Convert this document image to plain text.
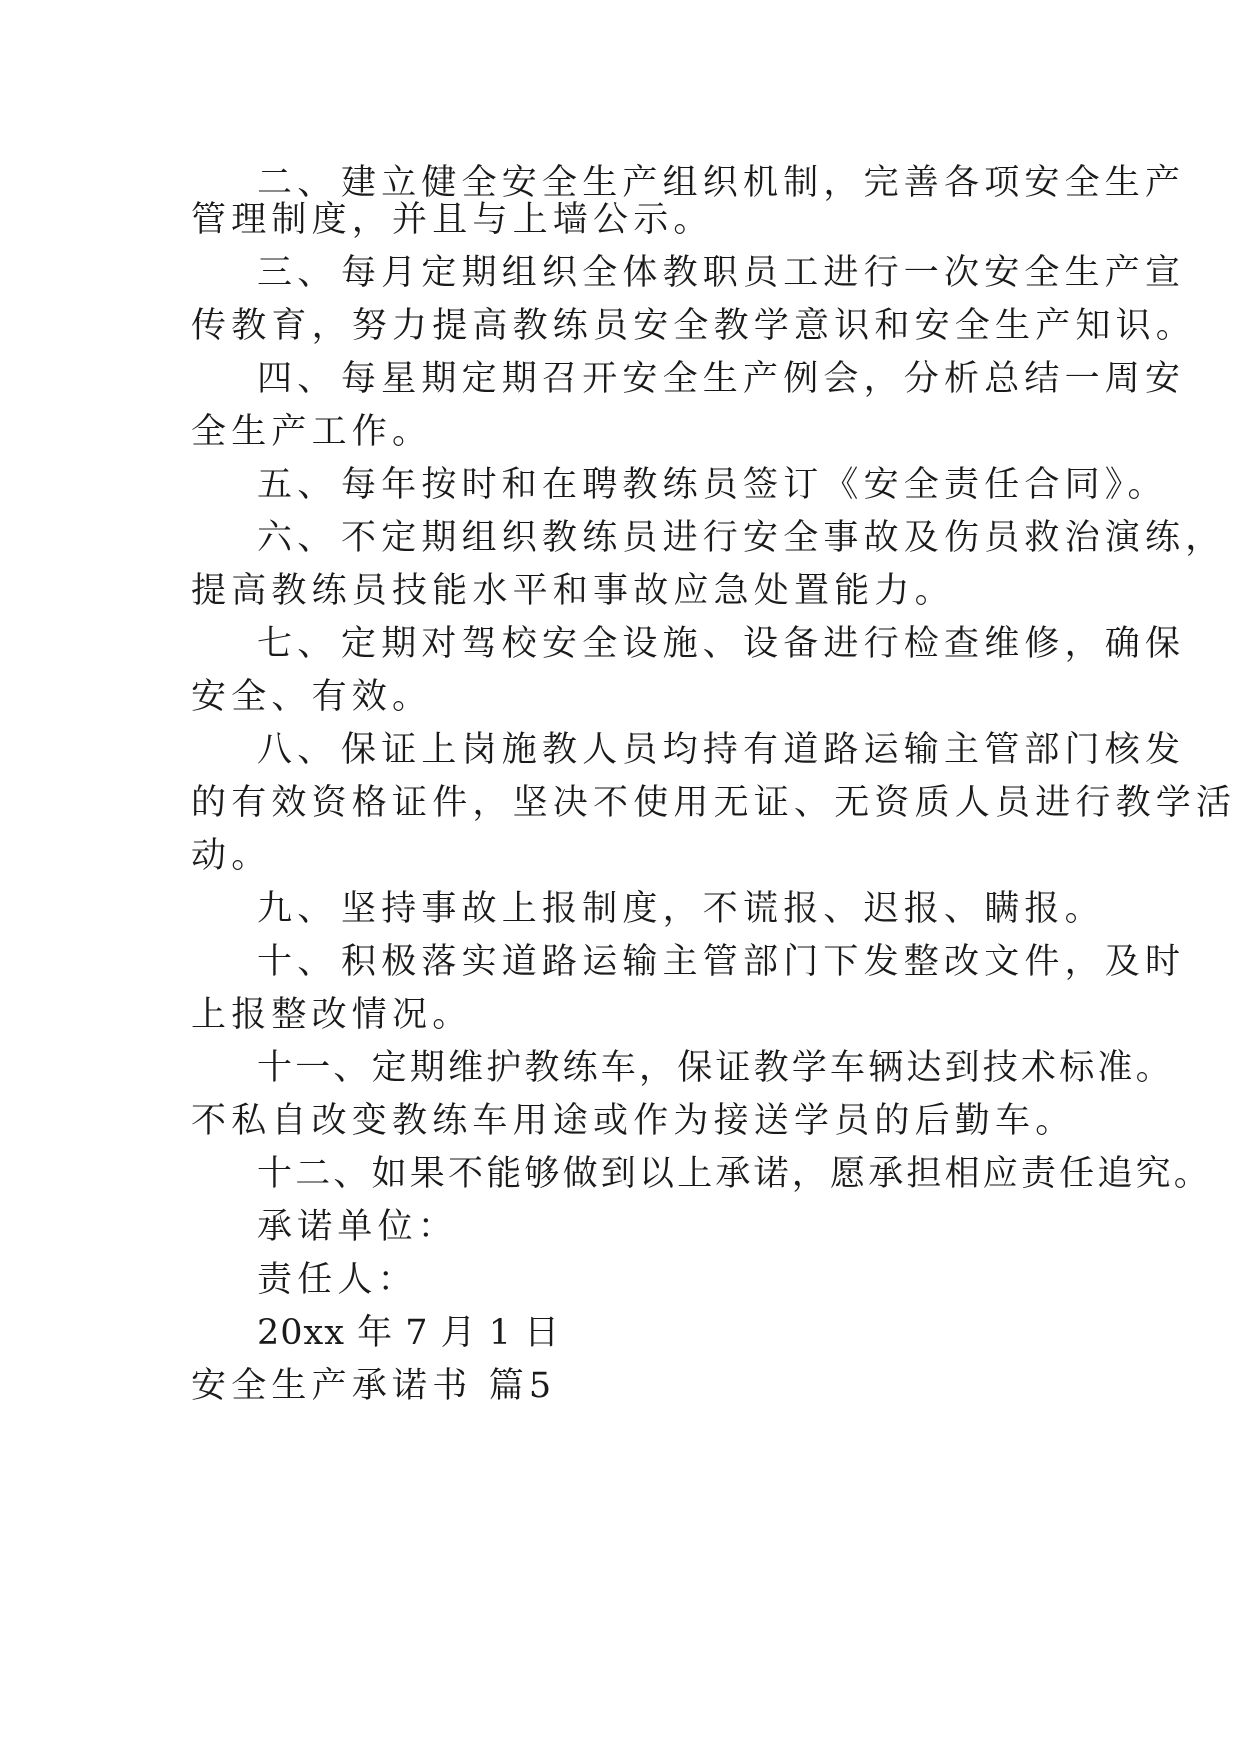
二、 建立健全安全生产组织机制，完善各项安全生产
管理制度，并且与上墙公示。
三、 每月定期组织全体教职员工进行一次安全生产宣
传教育，努力提高教练员安全教学意识和安全生产知识。
四、 每星期定期召开安全生产例会，分析总结一周安
全生产工作。
五、 每年按时和在聘教练员签订《安全责任合同》。
六、 不定期组织教练员进行安全事故及伤员救治演练，
提高教练员技能水平和事故应急处置能力。
七、 定期对驾校安全设施、设备进行检查维修，确保
安全、有效。
八、 保证上岗施教人员均持有道路运输主管部门核发
的有效资格证件，坚决不使用无证、无资质人员进行教学活
动。
九、 坚持事故上报制度，不谎报、迟报、瞒报。
十、 积极落实道路运输主管部门下发整改文件，及时
上报整改情况。
十一、定期维护教练车，保证教学车辆达到技术标准。
不私自改变教练车用途或作为接送学员的后勤车。
十二、如果不能够做到以上承诺，愿承担相应责任追究。
承诺单位：
责任人：
20xx 年 7 月 1 日
安全生产承诺书 篇5
